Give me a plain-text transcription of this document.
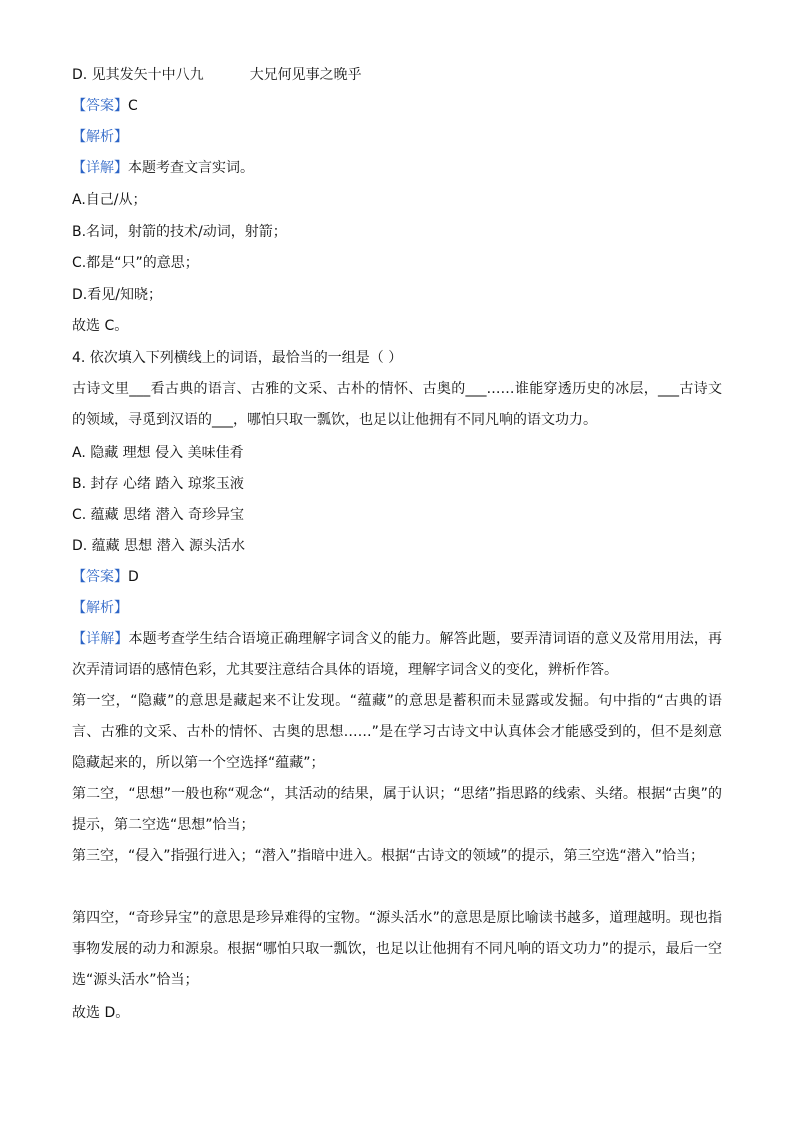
D. 见其发矢十中八九	大兄何见事之晚乎
【答案】C
【解析】
【详解】本题考查文言实词。
A.自己/从；
B.名词，射箭的技术/动词，射箭；
C.都是“只”的意思；
D.看见/知晓；
故选 C。
4. 依次填入下列横线上的词语，最恰当的一组是（ ）
古诗文里___看古典的语言、古雅的文采、古朴的情怀、古奥的___……谁能穿透历史的冰层，___古诗文的领域，寻觅到汉语的___，哪怕只取一瓢饮，也足以让他拥有不同凡响的语文功力。
A. 隐藏 理想 侵入 美味佳肴
B. 封存 心绪 踏入 琼浆玉液
C. 蕴藏 思绪 潜入 奇珍异宝
D. 蕴藏 思想 潜入 源头活水
【答案】D
【解析】
【详解】本题考查学生结合语境正确理解字词含义的能力。解答此题，要弄清词语的意义及常用用法，再次弄清词语的感情色彩，尤其要注意结合具体的语境，理解字词含义的变化，辨析作答。
第一空，“隐藏”的意思是藏起来不让发现。“蕴藏”的意思是蓄积而未显露或发掘。句中指的“古典的语言、古雅的文采、古朴的情怀、古奥的思想……”是在学习古诗文中认真体会才能感受到的，但不是刻意隐藏起来的，所以第一个空选择“蕴藏”；
第二空，“思想”一般也称“观念“，其活动的结果，属于认识；“思绪”指思路的线索、头绪。根据“古奥”的提示，第二空选“思想”恰当；
第三空，“侵入”指强行进入；“潜入”指暗中进入。根据“古诗文的领域”的提示，第三空选“潜入”恰当；
第四空，“奇珍异宝”的意思是珍异难得的宝物。“源头活水”的意思是原比喻读书越多，道理越明。现也指事物发展的动力和源泉。根据“哪怕只取一瓢饮，也足以让他拥有不同凡响的语文功力”的提示，最后一空选“源头活水”恰当；
故选 D。
